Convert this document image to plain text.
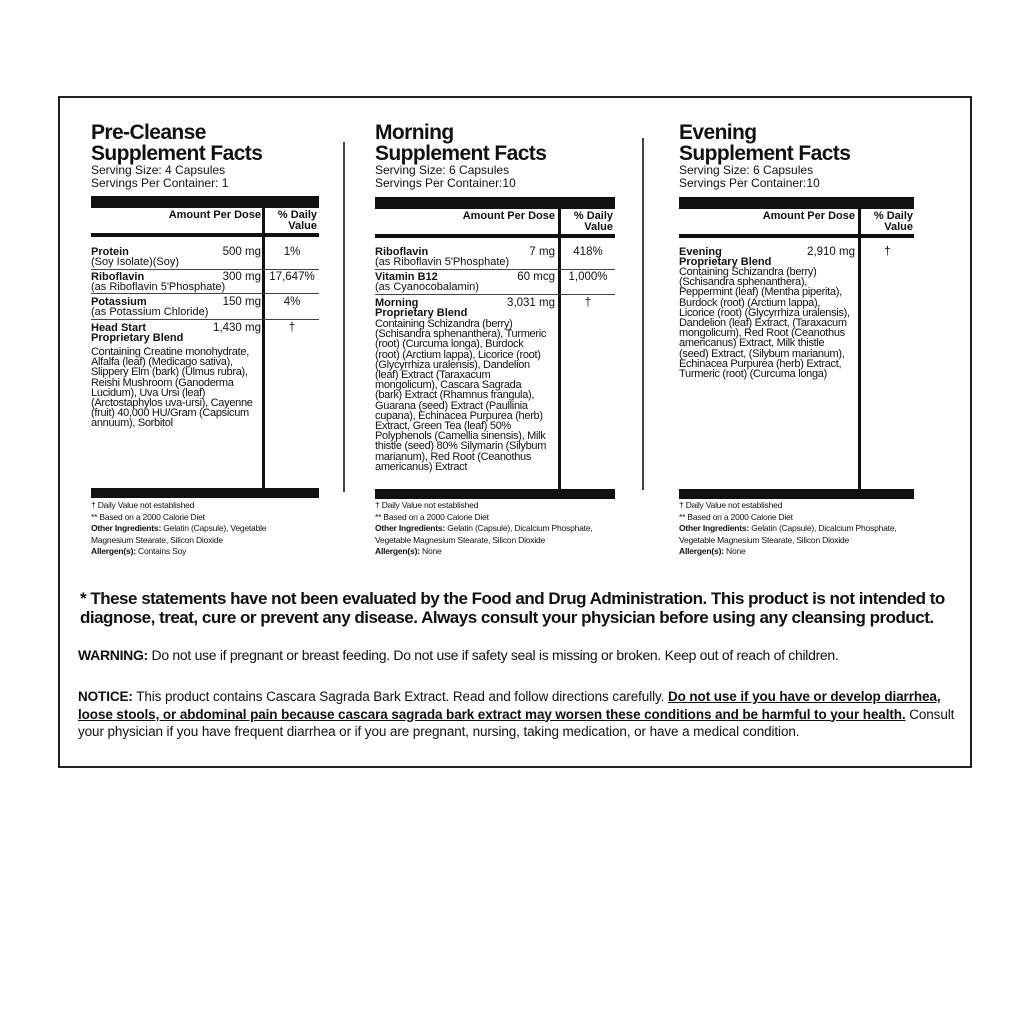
Pre-Cleanse

Supplement Facts

Serving Size: 4 Capsules

Servings Per Container: 1

Amount Per Dose	% Daily Value
Protein
(Soy Isolate)(Soy)
500 mg	1%
Riboflavin
(as Riboflavin 5'Phosphate)
300 mg 17,647%
Potassium
(as Potassium Chloride)
150 mg	4%
Head Start
Proprietary Blend
1,430 mg	†
Containing Creatine monohydrate, Alfalfa (leaf) (Medicago sativa), Slippery Elm (bark) (Ulmus rubra), Reishi Mushroom (Ganoderma Lucidum), Uva Ursi (leaf) (Arctostaphylos uva-ursi), Cayenne (fruit) 40,000 HU/Gram (Capsicum annuum), Sorbitol
† Daily Value not established
** Based on a 2000 Calorie Diet
Other Ingredients: Gelatin (Capsule), Vegetable Magnesium Stearate, Silicon Dioxide
Allergen(s): Contains Soy

Morning

Supplement Facts

Serving Size: 6 Capsules

Servings Per Container:10

Amount Per Dose	% Daily Value
Riboflavin
(as Riboflavin 5'Phosphate)
7 mg	418%
Vitamin B12
(as Cyanocobalamin)
60 mcg	1,000%
Morning
Proprietary Blend
3,031 mg	†
Containing Schizandra (berry) (Schisandra sphenanthera), Turmeric (root) (Curcuma longa), Burdock (root) (Arctium lappa), Licorice (root) (Glycyrrhiza uralensis), Dandelion (leaf) Extract (Taraxacum mongolicum), Cascara Sagrada (bark) Extract (Rhamnus frangula), Guarana (seed) Extract (Paullinia cupana), Echinacea Purpurea (herb) Extract, Green Tea (leaf) 50% Polyphenols (Camellia sinensis), Milk thistle (seed) 80% Silymarin (Silybum marianum), Red Root (Ceanothus americanus) Extract
† Daily Value not established
** Based on a 2000 Calorie Diet
Other Ingredients: Gelatin (Capsule), Dicalcium Phosphate, Vegetable Magnesium Stearate, Silicon Dioxide
Allergen(s): None

Evening

Supplement Facts

Serving Size: 6 Capsules

Servings Per Container:10

Amount Per Dose	% Daily Value
Evening
Proprietary Blend
2,910 mg	†
Containing Schizandra (berry) (Schisandra sphenanthera), Peppermint (leaf) (Mentha piperita), Burdock (root) (Arctium lappa), Licorice (root) (Glycyrrhiza uralensis), Dandelion (leaf) Extract, (Taraxacum mongolicum), Red Root (Ceanothus americanus) Extract, Milk thistle (seed) Extract, (Silybum marianum), Echinacea Purpurea (herb) Extract, Turmeric (root) (Curcuma longa)
† Daily Value not established
** Based on a 2000 Calorie Diet
Other Ingredients: Gelatin (Capsule), Dicalcium Phosphate, Vegetable Magnesium Stearate, Silicon Dioxide
Allergen(s): None

* These statements have not been evaluated by the Food and Drug Administration. This product is not intended to diagnose, treat, cure or prevent any disease. Always consult your physician before using any cleansing product.

WARNING: Do not use if pregnant or breast feeding. Do not use if safety seal is missing or broken. Keep out of reach of children.

NOTICE: This product contains Cascara Sagrada Bark Extract. Read and follow directions carefully. Do not use if you have or develop diarrhea, loose stools, or abdominal pain because cascara sagrada bark extract may worsen these conditions and be harmful to your health. Consult your physician if you have frequent diarrhea or if you are pregnant, nursing, taking medication, or have a medical condition.
